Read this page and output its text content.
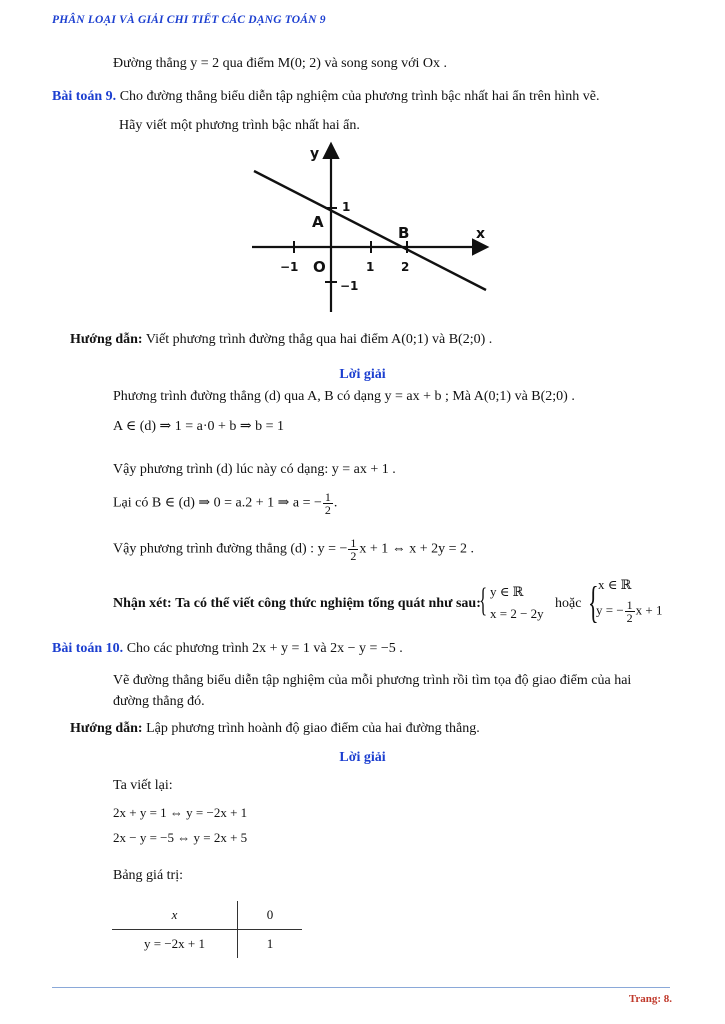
PHÂN LOẠI VÀ GIẢI CHI TIẾT CÁC DẠNG TOÁN 9
Đường thẳng y = 2 qua điểm M(0; 2) và song song với Ox .
Bài toán 9. Cho đường thẳng biểu diễn tập nghiệm của phương trình bậc nhất hai ẩn trên hình vẽ.
Hãy viết một phương trình bậc nhất hai ẩn.
y
x
O
A
B
−1	1 2
1
−1
Hướng dẫn: Viết phương trình đường thẳg qua hai điểm A(0;1) và B(2;0) .
Lời giải
Phương trình đường thẳng (d) qua A, B có dạng y = ax + b ; Mà A(0;1) và B(2;0) .
A ∈ (d) ⇒ 1 = a·0 + b ⇒ b = 1
Vậy phương trình (d) lúc này có dạng: y = ax + 1 .
Lại có B ∈ (d) ⇒ 0 = a.2 + 1 ⇒ a = − $\frac{1}{2}$ .
Vậy phương trình đường thẳng (d) : y = − $\frac{1}{2}$ x + 1 ⇔ x + 2y = 2 .
Nhận xét: Ta có thể viết công thức nghiệm tổng quát như sau:
{ y ∈ ℝ
x = 2 − 2y
hoặc { x ∈ ℝ
y = − $\frac{1}{2}$ x + 1
Bài toán 10. Cho các phương trình 2x + y = 1 và 2x − y = −5 .
Vẽ đường thẳng biểu diễn tập nghiệm của mỗi phương trình rồi tìm tọa độ giao điểm của hai
đường thẳng đó.
Hướng dẫn: Lập phương trình hoành độ giao điểm của hai đường thẳng.
Lời giải
Ta viết lại:
2x + y = 1 ⇔ y = −2x + 1
2x − y = −5 ⇔ y = 2x + 5
Bảng giá trị:
x	0
y = −2x + 1	1
Trang: 8.
